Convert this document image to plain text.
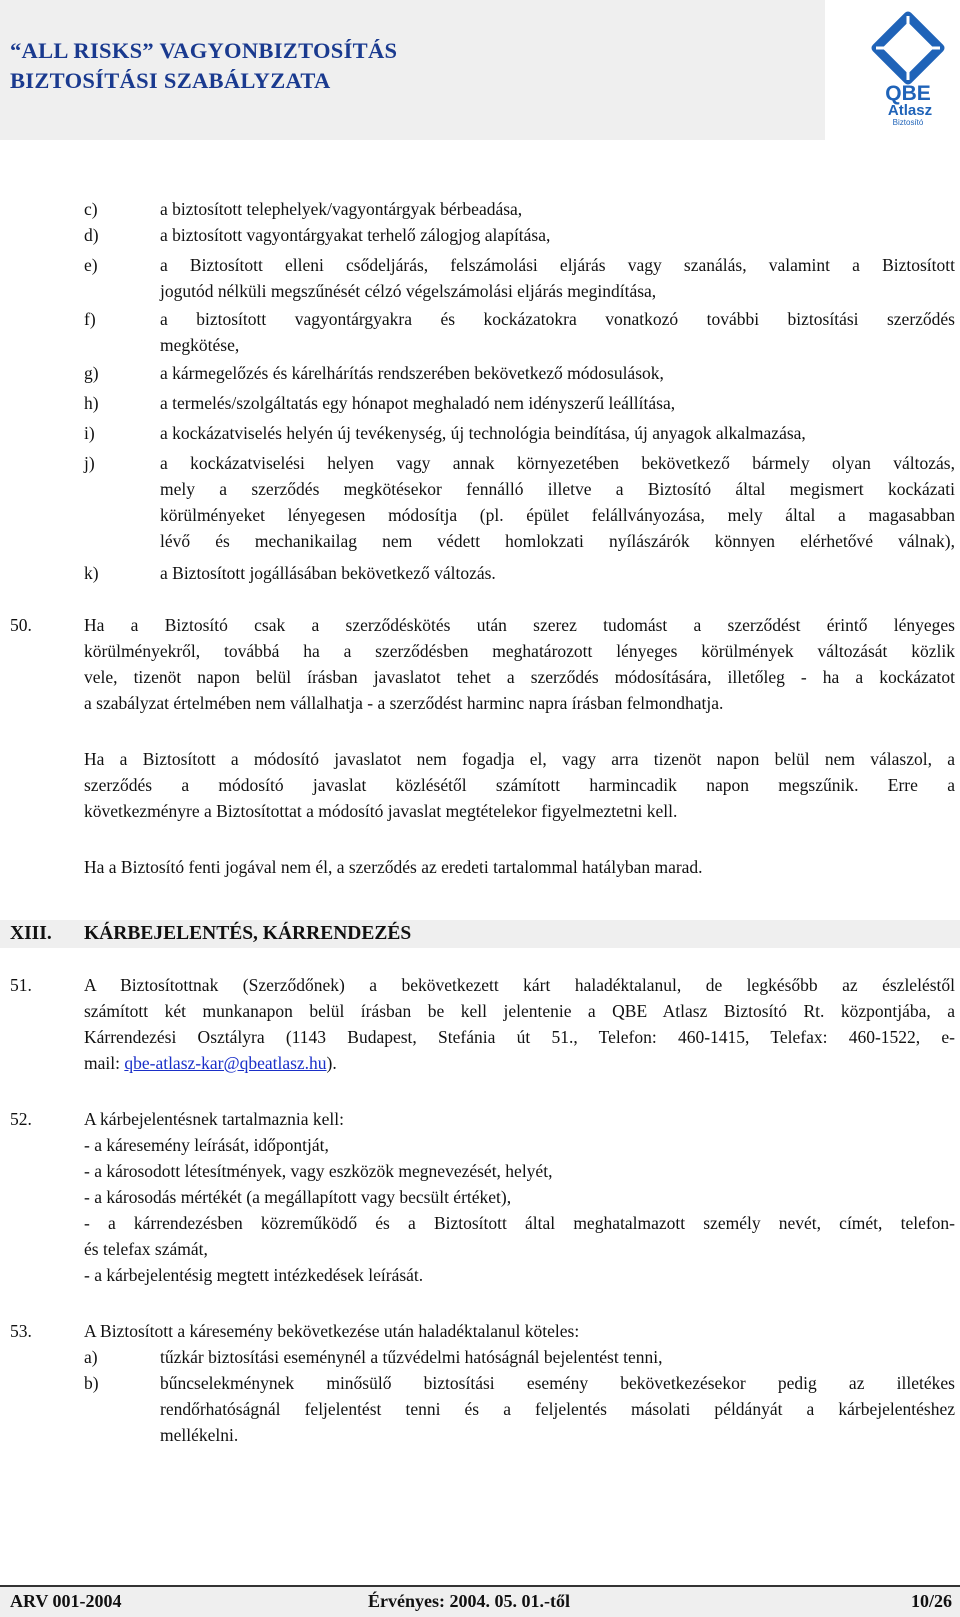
“ALL RISKS” VAGYONBIZTOSÍTÁS
BIZTOSÍTÁSI SZABÁLYZATA
QBE
Atlasz
Biztosító
c)	a biztosított telephelyek/vagyontárgyak bérbeadása,
d)	a biztosított vagyontárgyakat terhelő zálogjog alapítása,
e)	a Biztosított elleni csődeljárás, felszámolási eljárás vagy szanálás, valamint a Biztosított
jogutód nélküli megszűnését célzó végelszámolási eljárás megindítása,
f)	a biztosított vagyontárgyakra és kockázatokra vonatkozó további biztosítási szerződés
megkötése,
g)	a kármegelőzés és kárelhárítás rendszerében bekövetkező módosulások,
h)	a termelés/szolgáltatás egy hónapot meghaladó nem idényszerű leállítása,
i)	a kockázatviselés helyén új tevékenység, új technológia beindítása, új anyagok alkalmazása,
j)	a kockázatviselési helyen vagy annak környezetében bekövetkező bármely olyan változás,
mely a szerződés megkötésekor fennálló illetve a Biztosító által megismert kockázati
körülményeket lényegesen módosítja (pl. épület felállványozása, mely által a magasabban
lévő és mechanikailag nem védett homlokzati nyílászárók könnyen elérhetővé válnak),
k)	a Biztosított jogállásában bekövetkező változás.
50.	Ha a Biztosító csak a szerződéskötés után szerez tudomást a szerződést érintő lényeges
körülményekről, továbbá ha a szerződésben meghatározott lényeges körülmények változását közlik
vele, tizenöt napon belül írásban javaslatot tehet a szerződés módosítására, illetőleg - ha a kockázatot
a szabályzat értelmében nem vállalhatja - a szerződést harminc napra írásban felmondhatja.
Ha a Biztosított a módosító javaslatot nem fogadja el, vagy arra tizenöt napon belül nem válaszol, a
szerződés a módosító javaslat közlésétől számított harmincadik napon megszűnik. Erre a
következményre a Biztosítottat a módosító javaslat megtételekor figyelmeztetni kell.
Ha a Biztosító fenti jogával nem él, a szerződés az eredeti tartalommal hatályban marad.
XIII. KÁRBEJELENTÉS, KÁRRENDEZÉS
51.	A Biztosítottnak (Szerződőnek) a bekövetkezett kárt haladéktalanul, de legkésőbb az észleléstől
számított két munkanapon belül írásban be kell jelentenie a QBE Atlasz Biztosító Rt. központjába, a
Kárrendezési Osztályra (1143 Budapest, Stefánia út 51., Telefon: 460-1415, Telefax: 460-1522, e-
mail: qbe-atlasz-kar@qbeatlasz.hu).
52.	A kárbejelentésnek tartalmaznia kell:
- a káresemény leírását, időpontját,
- a károsodott létesítmények, vagy eszközök megnevezését, helyét,
- a károsodás mértékét (a megállapított vagy becsült értéket),
- a kárrendezésben közreműködő és a Biztosított által meghatalmazott személy nevét, címét, telefon-
és telefax számát,
- a kárbejelentésig megtett intézkedések leírását.
53.	A Biztosított a káresemény bekövetkezése után haladéktalanul köteles:
a)	tűzkár biztosítási eseménynél a tűzvédelmi hatóságnál bejelentést tenni,
b)	bűncselekménynek minősülő biztosítási esemény bekövetkezésekor pedig az illetékes
rendőrhatóságnál feljelentést tenni és a feljelentés másolati példányát a kárbejelentéshez
mellékelni.
ARV 001-2004	Érvényes: 2004. 05. 01.-től	10/26
